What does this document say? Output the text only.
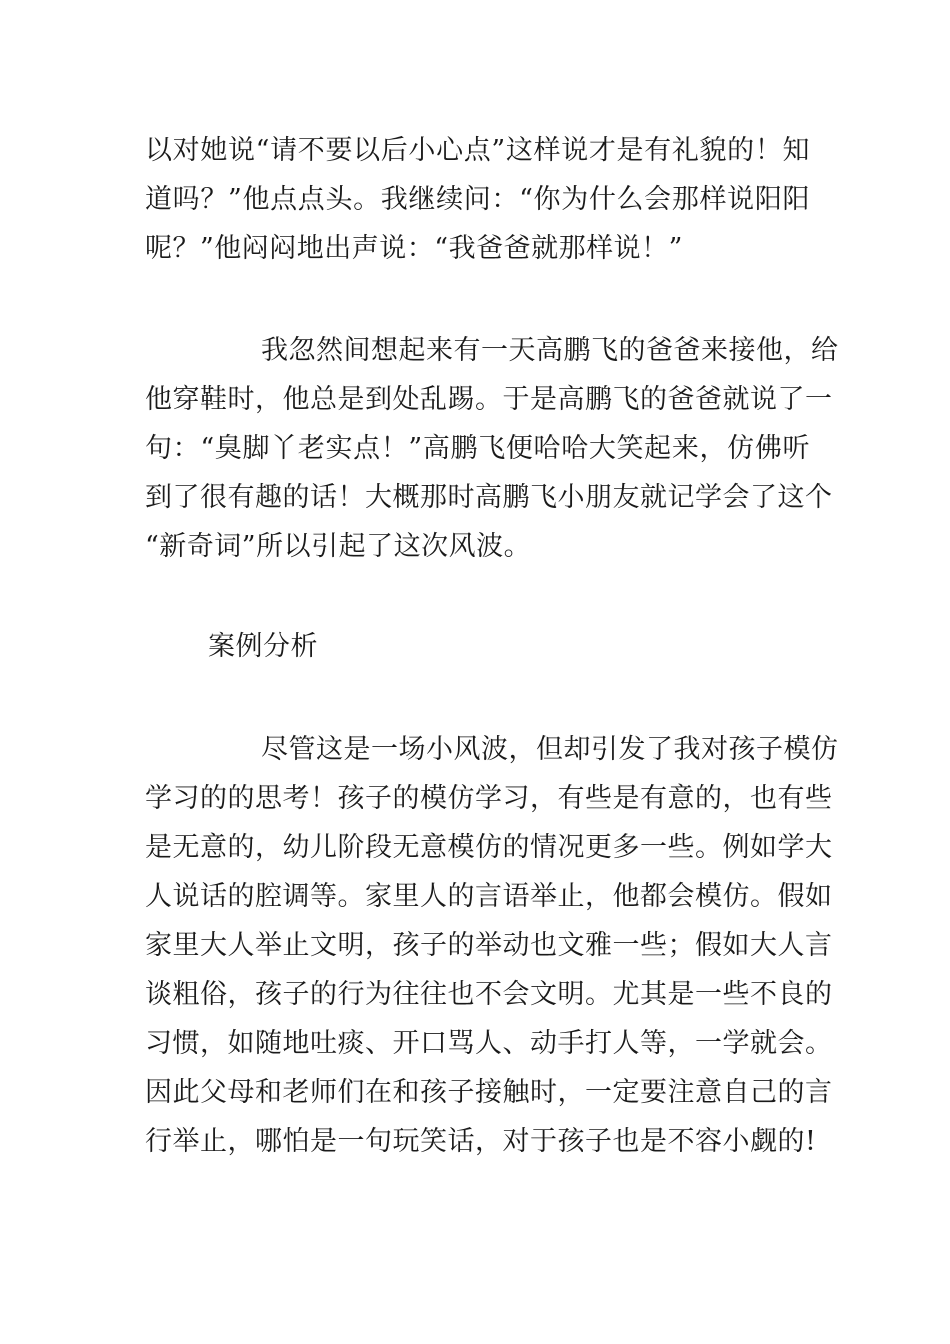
以对她说“请不要以后小心点”这样说才是有礼貌的！知
道吗？”他点点头。我继续问：“你为什么会那样说阳阳
呢？”他闷闷地出声说：“我爸爸就那样说！”
我忽然间想起来有一天高鹏飞的爸爸来接他，给
他穿鞋时，他总是到处乱踢。于是高鹏飞的爸爸就说了一
句：“臭脚丫老实点！”高鹏飞便哈哈大笑起来，仿佛听
到了很有趣的话！大概那时高鹏飞小朋友就记学会了这个
“新奇词”所以引起了这次风波。
案例分析
尽管这是一场小风波，但却引发了我对孩子模仿
学习的的思考！孩子的模仿学习，有些是有意的，也有些
是无意的，幼儿阶段无意模仿的情况更多一些。例如学大
人说话的腔调等。家里人的言语举止，他都会模仿。假如
家里大人举止文明，孩子的举动也文雅一些；假如大人言
谈粗俗，孩子的行为往往也不会文明。尤其是一些不良的
习惯，如随地吐痰、开口骂人、动手打人等，一学就会。
因此父母和老师们在和孩子接触时，一定要注意自己的言
行举止，哪怕是一句玩笑话，对于孩子也是不容小觑的!
